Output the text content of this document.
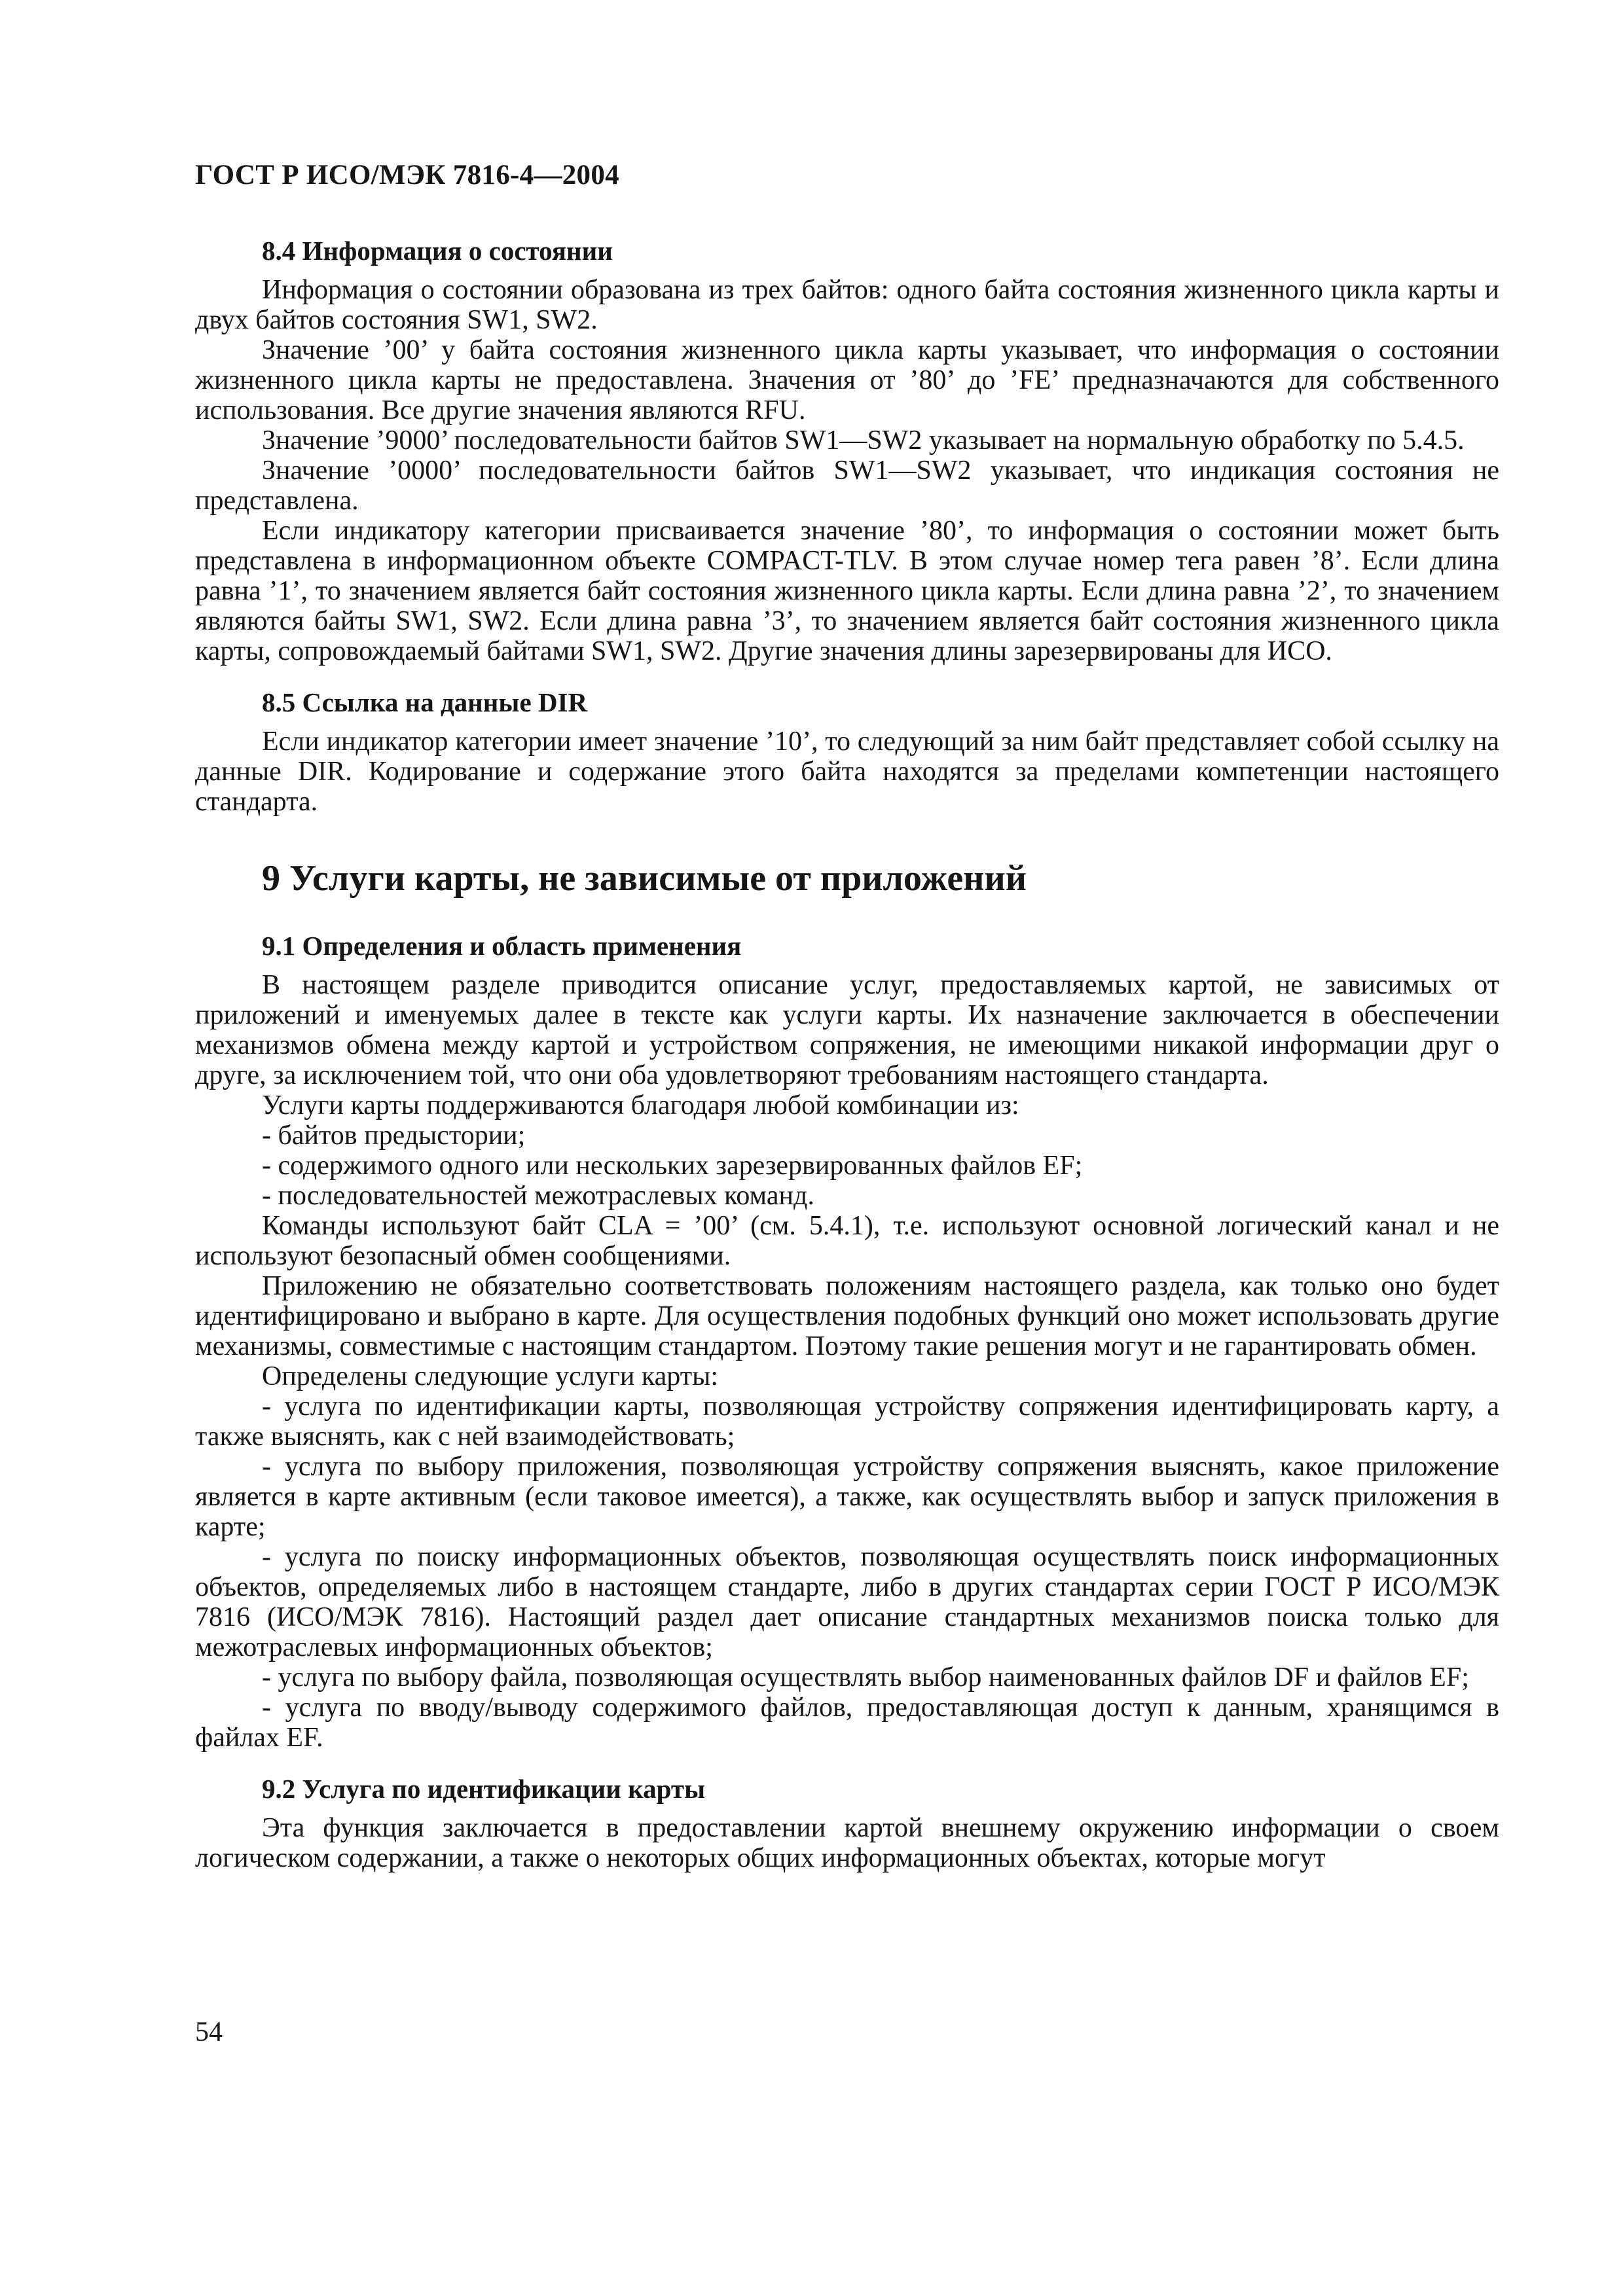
ГОСТ Р ИСО/МЭК 7816-4—2004
8.4 Информация о состоянии

Информация о состоянии образована из трех байтов: одного байта состояния жизненного цикла карты и двух байтов состояния SW1, SW2.

Значение ’00’ у байта состояния жизненного цикла карты указывает, что информация о состоянии жизненного цикла карты не предоставлена. Значения от ’80’ до ’FE’ предназначаются для собственного использования. Все другие значения являются RFU.

Значение ’9000’ последовательности байтов SW1—SW2 указывает на нормальную обработку по 5.4.5.

Значение ’0000’ последовательности байтов SW1—SW2 указывает, что индикация состояния не представлена.

Если индикатору категории присваивается значение ’80’, то информация о состоянии может быть представлена в информационном объекте COMPACT-TLV. В этом случае номер тега равен ’8’. Если длина равна ’1’, то значением является байт состояния жизненного цикла карты. Если длина равна ’2’, то значением являются байты SW1, SW2. Если длина равна ’3’, то значением является байт состояния жизненного цикла карты, сопровождаемый байтами SW1, SW2. Другие значения длины зарезервированы для ИСО.

8.5 Ссылка на данные DIR

Если индикатор категории имеет значение ’10’, то следующий за ним байт представляет собой ссылку на данные DIR. Кодирование и содержание этого байта находятся за пределами компетенции настоящего стандарта.

9 Услуги карты, не зависимые от приложений
9.1 Определения и область применения

В настоящем разделе приводится описание услуг, предоставляемых картой, не зависимых от приложений и именуемых далее в тексте как услуги карты. Их назначение заключается в обеспечении механизмов обмена между картой и устройством сопряжения, не имеющими никакой информации друг о друге, за исключением той, что они оба удовлетворяют требованиям настоящего стандарта.

Услуги карты поддерживаются благодаря любой комбинации из:

- байтов предыстории;

- содержимого одного или нескольких зарезервированных файлов EF;

- последовательностей межотраслевых команд.

Команды используют байт CLA = ’00’ (см. 5.4.1), т.е. используют основной логический канал и не используют безопасный обмен сообщениями.

Приложению не обязательно соответствовать положениям настоящего раздела, как только оно будет идентифицировано и выбрано в карте. Для осуществления подобных функций оно может использовать другие механизмы, совместимые с настоящим стандартом. Поэтому такие решения могут и не гарантировать обмен.

Определены следующие услуги карты:

- услуга по идентификации карты, позволяющая устройству сопряжения идентифицировать карту, а также выяснять, как с ней взаимодействовать;

- услуга по выбору приложения, позволяющая устройству сопряжения выяснять, какое приложение является в карте активным (если таковое имеется), а также, как осуществлять выбор и запуск приложения в карте;

- услуга по поиску информационных объектов, позволяющая осуществлять поиск информационных объектов, определяемых либо в настоящем стандарте, либо в других стандартах серии ГОСТ Р ИСО/МЭК 7816 (ИСО/МЭК 7816). Настоящий раздел дает описание стандартных механизмов поиска только для межотраслевых информационных объектов;

- услуга по выбору файла, позволяющая осуществлять выбор наименованных файлов DF и файлов EF;

- услуга по вводу/выводу содержимого файлов, предоставляющая доступ к данным, хранящимся в файлах EF.

9.2 Услуга по идентификации карты

Эта функция заключается в предоставлении картой внешнему окружению информации о своем логическом содержании, а также о некоторых общих информационных объектах, которые могут

54
